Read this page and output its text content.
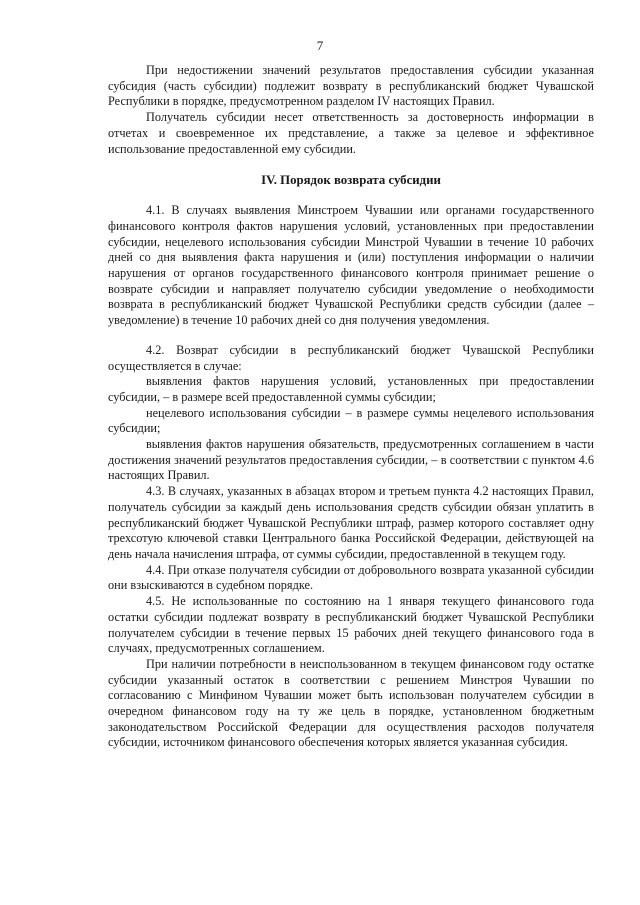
7

При недостижении значений результатов предоставления субсидии указанная субсидия (часть субсидии) подлежит возврату в республиканский бюджет Чувашской Республики в порядке, предусмотренном разделом IV настоящих Правил.

Получатель субсидии несет ответственность за достоверность информации в отчетах и своевременное их представление, а также за целевое и эффективное использование предоставленной ему субсидии.

IV. Порядок возврата субсидии

4.1. В случаях выявления Минстроем Чувашии или органами государственного финансового контроля фактов нарушения условий, установленных при предоставлении субсидии, нецелевого использования субсидии Минстрой Чувашии в течение 10 рабочих дней со дня выявления факта нарушения и (или) поступления информации о наличии нарушения от органов государственного финансового контроля принимает решение о возврате субсидии и направляет получателю субсидии уведомление о необходимости возврата в республиканский бюджет Чувашской Республики средств субсидии (далее – уведомление) в течение 10 рабочих дней со дня получения уведомления.

4.2. Возврат субсидии в республиканский бюджет Чувашской Республики осуществляется в случае:

выявления фактов нарушения условий, установленных при предоставлении субсидии, – в размере всей предоставленной суммы субсидии;

нецелевого использования субсидии – в размере суммы нецелевого использования субсидии;

выявления фактов нарушения обязательств, предусмотренных соглашением в части достижения значений результатов предоставления субсидии, – в соответствии с пунктом 4.6 настоящих Правил.

4.3. В случаях, указанных в абзацах втором и третьем пункта 4.2 настоящих Правил, получатель субсидии за каждый день использования средств субсидии обязан уплатить в республиканский бюджет Чувашской Республики штраф, размер которого составляет одну трехсотую ключевой ставки Центрального банка Российской Федерации, действующей на день начала начисления штрафа, от суммы субсидии, предоставленной в текущем году.

4.4. При отказе получателя субсидии от добровольного возврата указанной субсидии они взыскиваются в судебном порядке.

4.5. Не использованные по состоянию на 1 января текущего финансового года остатки субсидии подлежат возврату в республиканский бюджет Чувашской Республики получателем субсидии в течение первых 15 рабочих дней текущего финансового года в случаях, предусмотренных соглашением.

При наличии потребности в неиспользованном в текущем финансовом году остатке субсидии указанный остаток в соответствии с решением Минстроя Чувашии по согласованию с Минфином Чувашии может быть использован получателем субсидии в очередном финансовом году на ту же цель в порядке, установленном бюджетным законодательством Российской Федерации для осуществления расходов получателя субсидии, источником финансового обеспечения которых является указанная субсидия.
